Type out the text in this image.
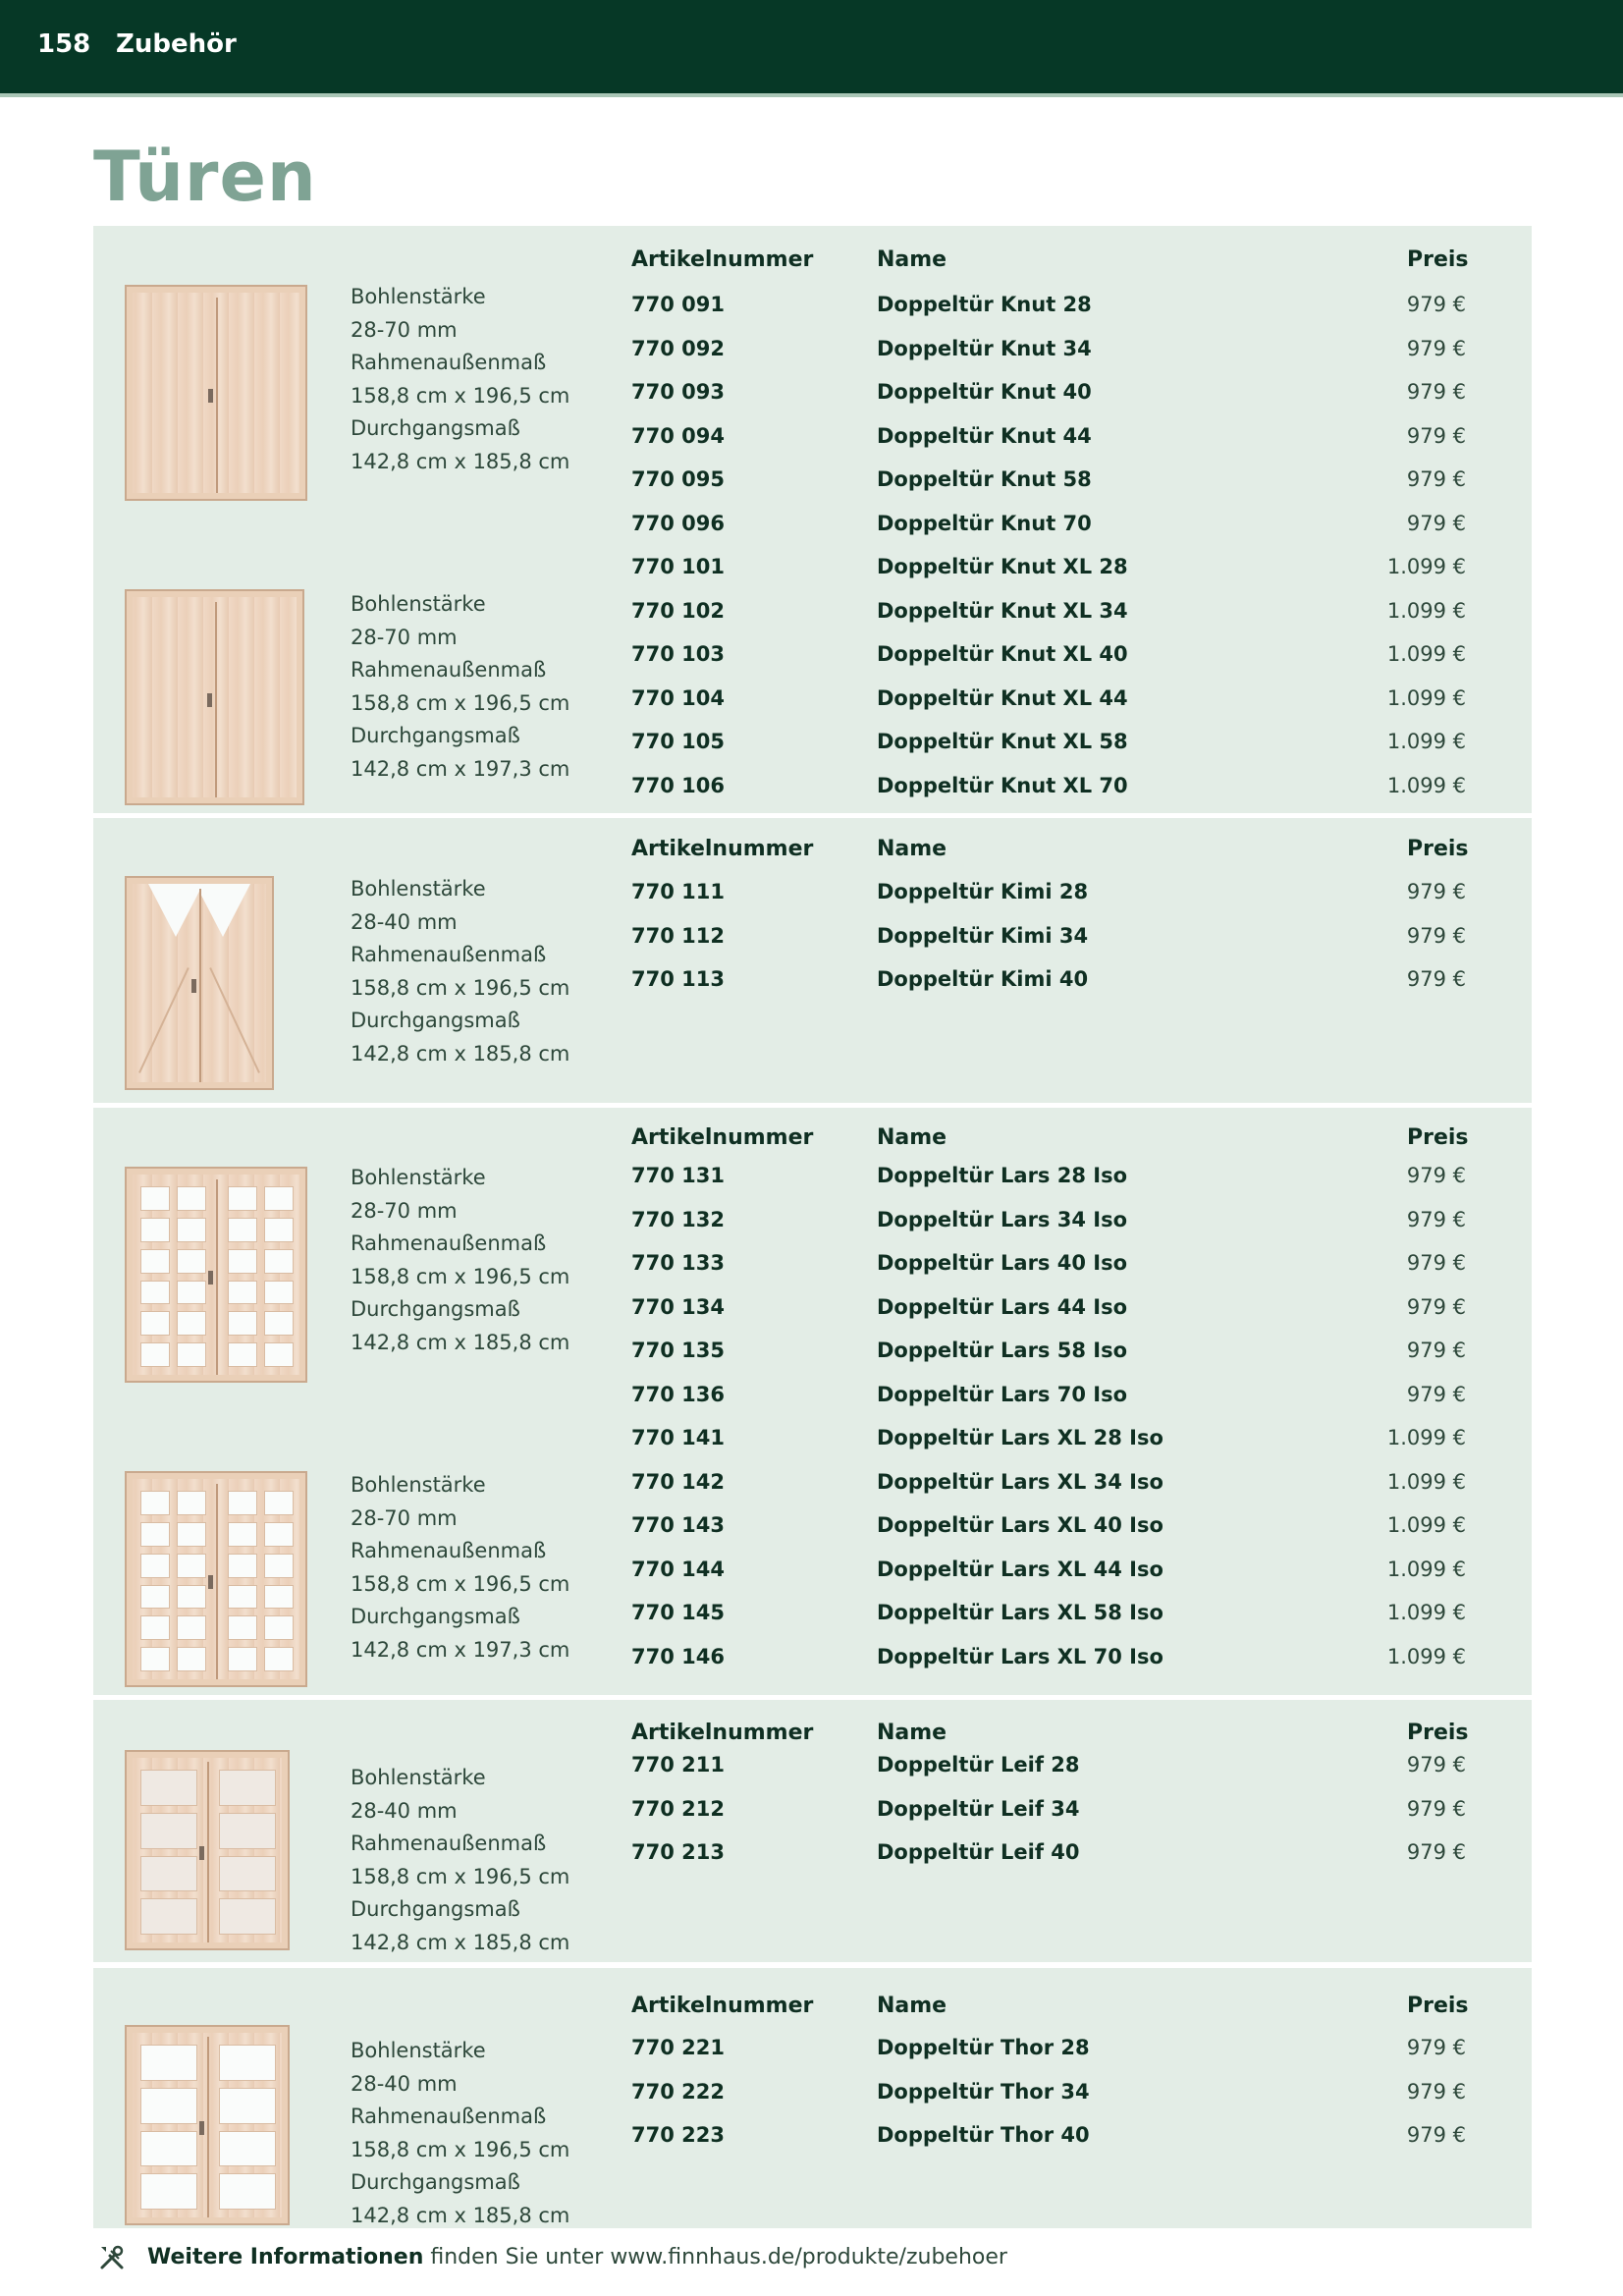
158 Zubehör
Türen
Artikelnummer	Name	Preis
Bohlenstärke
28-70 mm
Rahmenaußenmaß
158,8 cm x 196,5 cm
Durchgangsmaß
142,8 cm x 185,8 cm
Bohlenstärke
28-70 mm
Rahmenaußenmaß
158,8 cm x 196,5 cm
Durchgangsmaß
142,8 cm x 197,3 cm
770 091	Doppeltür Knut 28	979 €
770 092	Doppeltür Knut 34	979 €
770 093	Doppeltür Knut 40	979 €
770 094	Doppeltür Knut 44	979 €
770 095	Doppeltür Knut 58	979 €
770 096	Doppeltür Knut 70	979 €
770 101	Doppeltür Knut XL 28	1.099 €
770 102	Doppeltür Knut XL 34	1.099 €
770 103	Doppeltür Knut XL 40	1.099 €
770 104	Doppeltür Knut XL 44	1.099 €
770 105	Doppeltür Knut XL 58	1.099 €
770 106	Doppeltür Knut XL 70	1.099 €
Artikelnummer	Name	Preis
Bohlenstärke
28-40 mm
Rahmenaußenmaß
158,8 cm x 196,5 cm
Durchgangsmaß
142,8 cm x 185,8 cm
770 111	Doppeltür Kimi 28	979 €
770 112	Doppeltür Kimi 34	979 €
770 113	Doppeltür Kimi 40	979 €
Artikelnummer	Name	Preis
Bohlenstärke
28-70 mm
Rahmenaußenmaß
158,8 cm x 196,5 cm
Durchgangsmaß
142,8 cm x 185,8 cm
Bohlenstärke
28-70 mm
Rahmenaußenmaß
158,8 cm x 196,5 cm
Durchgangsmaß
142,8 cm x 197,3 cm
770 131	Doppeltür Lars 28 Iso	979 €
770 132	Doppeltür Lars 34 Iso	979 €
770 133	Doppeltür Lars 40 Iso	979 €
770 134	Doppeltür Lars 44 Iso	979 €
770 135	Doppeltür Lars 58 Iso	979 €
770 136	Doppeltür Lars 70 Iso	979 €
770 141	Doppeltür Lars XL 28 Iso	1.099 €
770 142	Doppeltür Lars XL 34 Iso	1.099 €
770 143	Doppeltür Lars XL 40 Iso	1.099 €
770 144	Doppeltür Lars XL 44 Iso	1.099 €
770 145	Doppeltür Lars XL 58 Iso	1.099 €
770 146	Doppeltür Lars XL 70 Iso	1.099 €
Artikelnummer	Name	Preis
Bohlenstärke
28-40 mm
Rahmenaußenmaß
158,8 cm x 196,5 cm
Durchgangsmaß
142,8 cm x 185,8 cm
770 211	Doppeltür Leif 28	979 €
770 212	Doppeltür Leif 34	979 €
770 213	Doppeltür Leif 40	979 €
Artikelnummer	Name	Preis
Bohlenstärke
28-40 mm
Rahmenaußenmaß
158,8 cm x 196,5 cm
Durchgangsmaß
142,8 cm x 185,8 cm
770 221	Doppeltür Thor 28	979 €
770 222	Doppeltür Thor 34	979 €
770 223	Doppeltür Thor 40	979 €
Weitere Informationen finden Sie unter www.finnhaus.de/produkte/zubehoer
